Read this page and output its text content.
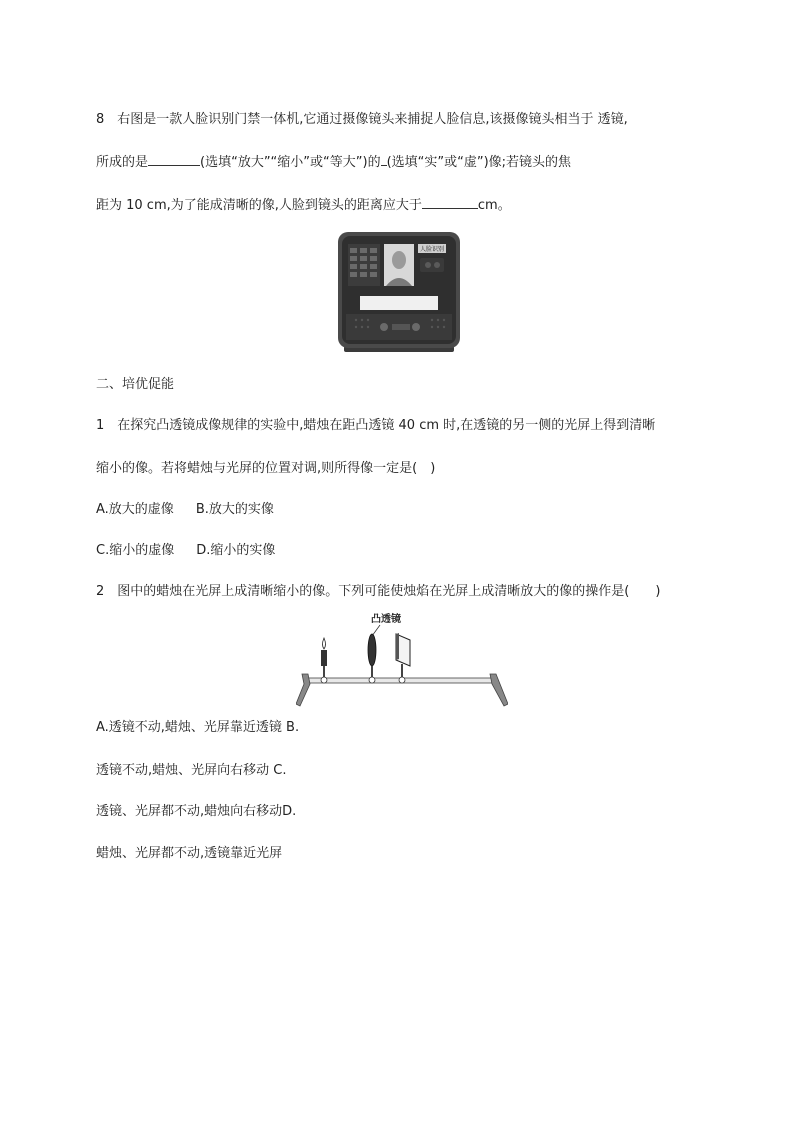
8　右图是一款人脸识别门禁一体机,它通过摄像镜头来捕捉人脸信息,该摄像镜头相当于 透镜,
所成的是	(选填“放大”“缩小”或“等大”)的 (选填“实”或“虚”)像;若镜头的焦
距为 10 cm,为了能成清晰的像,人脸到镜头的距离应大于	cm。
人脸识别
二、培优促能
1　在探究凸透镜成像规律的实验中,蜡烛在距凸透镜 40 cm 时,在透镜的另一侧的光屏上得到清晰
缩小的像。若将蜡烛与光屏的位置对调,则所得像一定是(　)
A.放大的虚像 B.放大的实像
C.缩小的虚像 D.缩小的实像
2　图中的蜡烛在光屏上成清晰缩小的像。下列可能使烛焰在光屏上成清晰放大的像的操作是(　　)
凸透镜
A.透镜不动,蜡烛、光屏靠近透镜 B.
透镜不动,蜡烛、光屏向右移动 C.
透镜、光屏都不动,蜡烛向右移动D.
蜡烛、光屏都不动,透镜靠近光屏
